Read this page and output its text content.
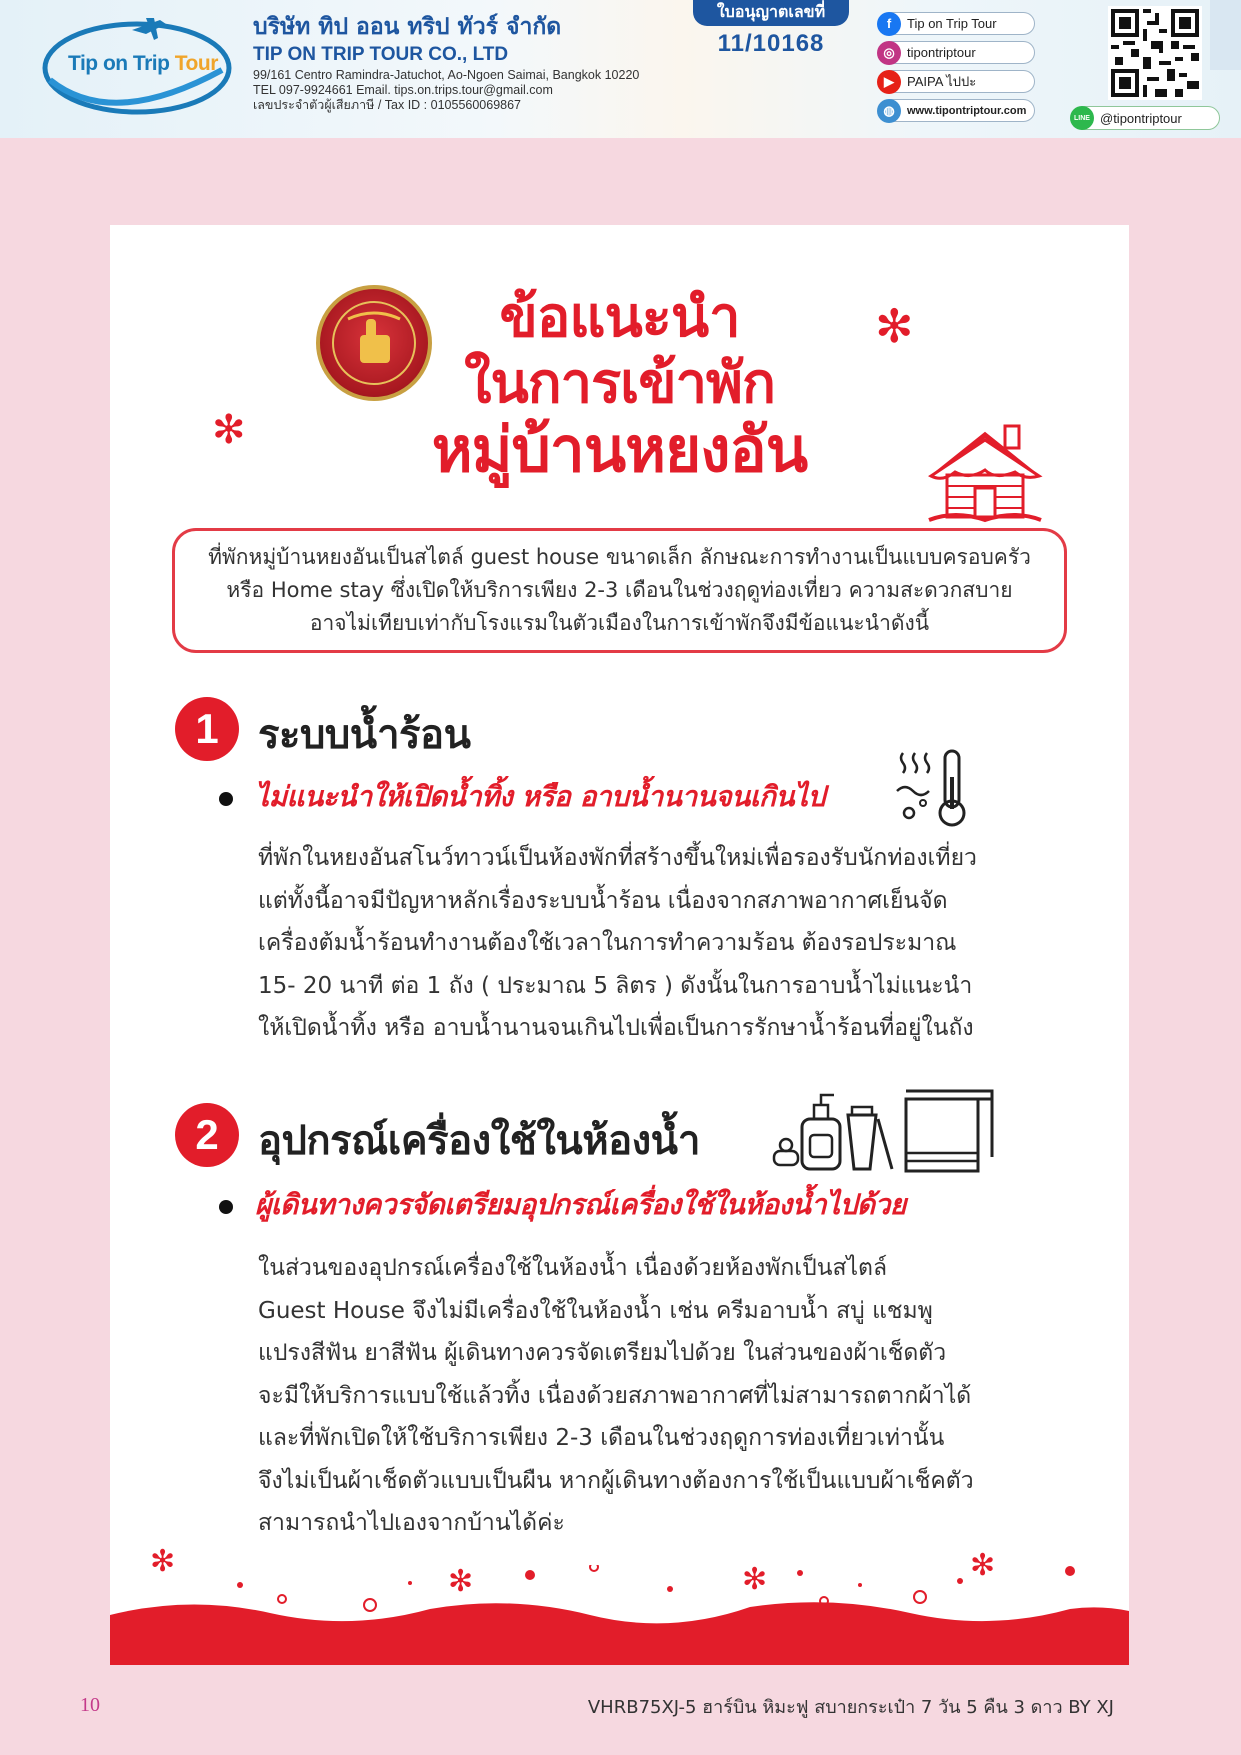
Tip on Trip Tour
บริษัท ทิป ออน ทริป ทัวร์ จำกัด
TIP ON TRIP TOUR CO., LTD
99/161 Centro Ramindra-Jatuchot, Ao-Ngoen Saimai, Bangkok 10220
TEL 097-9924661 Email. tips.on.trips.tour@gmail.com
เลขประจำตัวผู้เสียภาษี / Tax ID : 0105560069867
ใบอนุญาตเลขที่
11/10168
f	Tip on Trip Tour
◎ tipontriptour
▶	PAIPA ไปปะ
◍	www.tipontriptour.com
LINE @tipontriptour
✻
✻
ข้อแนะนำ
ในการเข้าพัก
หมู่บ้านหยงอัน
ที่พักหมู่บ้านหยงอันเป็นสไตล์ guest house ขนาดเล็ก ลักษณะการทำงานเป็นแบบครอบครัว
หรือ Home stay ซึ่งเปิดให้บริการเพียง 2-3 เดือนในช่วงฤดูท่องเที่ยว ความสะดวกสบาย
อาจไม่เทียบเท่ากับโรงแรมในตัวเมืองในการเข้าพักจึงมีข้อแนะนำดังนี้
1 ระบบน้ำร้อน
ไม่แนะนำให้เปิดน้ำทิ้ง หรือ อาบน้ำนานจนเกินไป
ที่พักในหยงอันสโนว์ทาวน์เป็นห้องพักที่สร้างขึ้นใหม่เพื่อรองรับนักท่องเที่ยว
แต่ทั้งนี้อาจมีปัญหาหลักเรื่องระบบน้ำร้อน เนื่องจากสภาพอากาศเย็นจัด
เครื่องต้มน้ำร้อนทำงานต้องใช้เวลาในการทำความร้อน ต้องรอประมาณ
15- 20 นาที ต่อ 1 ถัง ( ประมาณ 5 ลิตร ) ดังนั้นในการอาบน้ำไม่แนะนำ
ให้เปิดน้ำทิ้ง หรือ อาบน้ำนานจนเกินไปเพื่อเป็นการรักษาน้ำร้อนที่อยู่ในถัง
2 อุปกรณ์เครื่องใช้ในห้องน้ำ
ผู้เดินทางควรจัดเตรียมอุปกรณ์เครื่องใช้ในห้องน้ำไปด้วย
ในส่วนของอุปกรณ์เครื่องใช้ในห้องน้ำ เนื่องด้วยห้องพักเป็นสไตล์
Guest House จึงไม่มีเครื่องใช้ในห้องน้ำ เช่น ครีมอาบน้ำ สบู่ แชมพู
แปรงสีฟัน ยาสีฟัน ผู้เดินทางควรจัดเตรียมไปด้วย ในส่วนของผ้าเช็ดตัว
จะมีให้บริการแบบใช้แล้วทิ้ง เนื่องด้วยสภาพอากาศที่ไม่สามารถตากผ้าได้
และที่พักเปิดให้ใช้บริการเพียง 2-3 เดือนในช่วงฤดูการท่องเที่ยวเท่านั้น
จึงไม่เป็นผ้าเช็ดตัวแบบเป็นผืน หากผู้เดินทางต้องการใช้เป็นแบบผ้าเช็คตัว
สามารถนำไปเองจากบ้านได้ค่ะ
✻
✻	✻	✻
10	VHRB75XJ-5 ฮาร์บิน หิมะฟู สบายกระเป๋า 7 วัน 5 คืน 3 ดาว BY XJ
